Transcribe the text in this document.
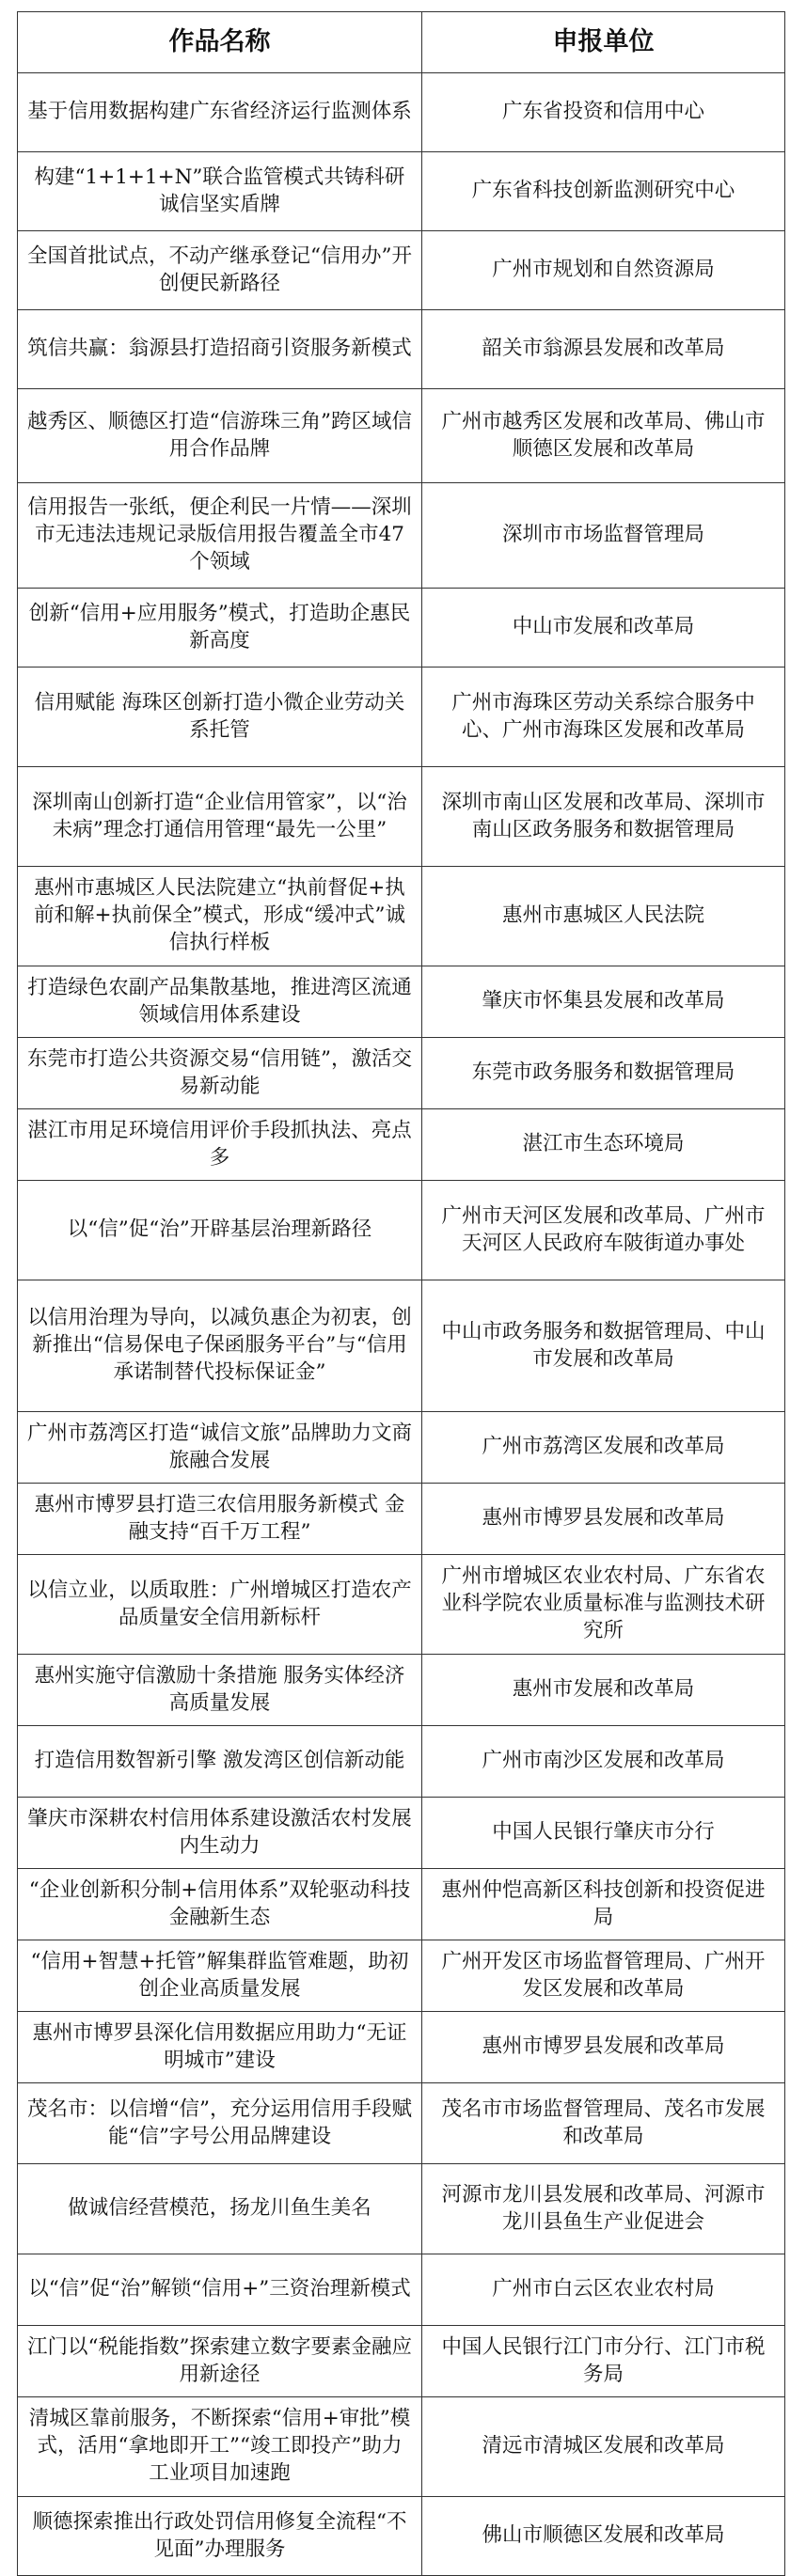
作品名称	申报单位
基于信用数据构建广东省经济运行监测体系	广东省投资和信用中心
构建“1+1+1+N”联合监管模式共铸科研诚信坚实盾牌	广东省科技创新监测研究中心
全国首批试点，不动产继承登记“信用办”开创便民新路径	广州市规划和自然资源局
筑信共赢：翁源县打造招商引资服务新模式	韶关市翁源县发展和改革局
越秀区、顺德区打造“信游珠三角”跨区域信用合作品牌	广州市越秀区发展和改革局、佛山市顺德区发展和改革局
信用报告一张纸，便企利民一片情——深圳市无违法违规记录版信用报告覆盖全市47个领域	深圳市市场监督管理局
创新“信用+应用服务”模式，打造助企惠民新高度	中山市发展和改革局
信用赋能 海珠区创新打造小微企业劳动关系托管	广州市海珠区劳动关系综合服务中心、广州市海珠区发展和改革局
深圳南山创新打造“企业信用管家”，以“治未病”理念打通信用管理“最先一公里”	深圳市南山区发展和改革局、深圳市南山区政务服务和数据管理局
惠州市惠城区人民法院建立“执前督促+执前和解+执前保全”模式，形成“缓冲式”诚信执行样板	惠州市惠城区人民法院
打造绿色农副产品集散基地，推进湾区流通领域信用体系建设	肇庆市怀集县发展和改革局
东莞市打造公共资源交易“信用链”，激活交易新动能	东莞市政务服务和数据管理局
湛江市用足环境信用评价手段抓执法、亮点多	湛江市生态环境局
以“信”促“治”开辟基层治理新路径	广州市天河区发展和改革局、广州市天河区人民政府车陂街道办事处
以信用治理为导向，以减负惠企为初衷，创新推出“信易保电子保函服务平台”与“信用承诺制替代投标保证金”	中山市政务服务和数据管理局、中山市发展和改革局
广州市荔湾区打造“诚信文旅”品牌助力文商旅融合发展	广州市荔湾区发展和改革局
惠州市博罗县打造三农信用服务新模式 金融支持“百千万工程”	惠州市博罗县发展和改革局
以信立业，以质取胜：广州增城区打造农产品质量安全信用新标杆	广州市增城区农业农村局、广东省农业科学院农业质量标准与监测技术研究所
惠州实施守信激励十条措施 服务实体经济高质量发展	惠州市发展和改革局
打造信用数智新引擎 激发湾区创信新动能	广州市南沙区发展和改革局
肇庆市深耕农村信用体系建设激活农村发展内生动力	中国人民银行肇庆市分行
“企业创新积分制+信用体系”双轮驱动科技金融新生态	惠州仲恺高新区科技创新和投资促进局
“信用+智慧+托管”解集群监管难题，助初创企业高质量发展	广州开发区市场监督管理局、广州开发区发展和改革局
惠州市博罗县深化信用数据应用助力“无证明城市”建设	惠州市博罗县发展和改革局
茂名市：以信增“信”，充分运用信用手段赋能“信”字号公用品牌建设	茂名市市场监督管理局、茂名市发展和改革局
做诚信经营模范，扬龙川鱼生美名	河源市龙川县发展和改革局、河源市龙川县鱼生产业促进会
以“信”促“治”解锁“信用+”三资治理新模式	广州市白云区农业农村局
江门以“税能指数”探索建立数字要素金融应用新途径	中国人民银行江门市分行、江门市税务局
清城区靠前服务，不断探索“信用+审批”模式，活用“拿地即开工”“竣工即投产”助力工业项目加速跑	清远市清城区发展和改革局
顺德探索推出行政处罚信用修复全流程“不见面”办理服务	佛山市顺德区发展和改革局
